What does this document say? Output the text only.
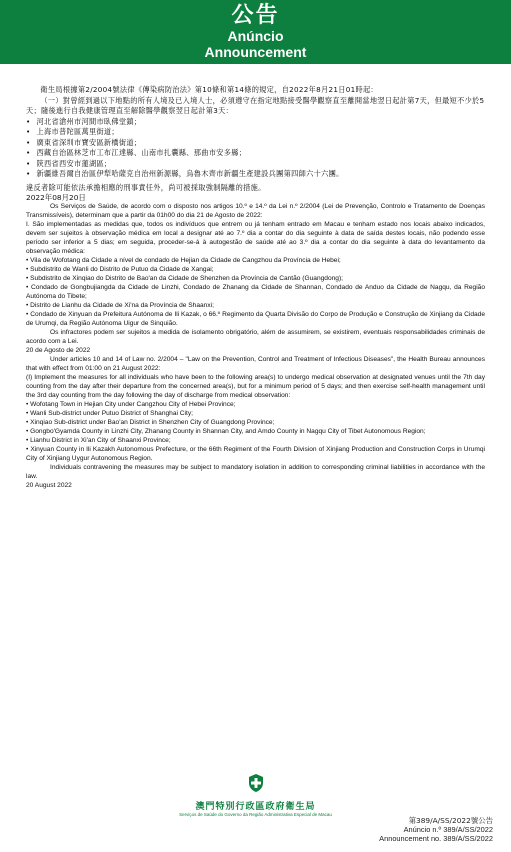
公告
Anúncio
Announcement

衛生局根據第2/2004號法律《傳染病防治法》第10條和第14條的規定，自2022年8月21日01時起：

（一）對曾經到過以下地點的所有人境及已入境人士，必須遵守在指定地點接受醫學觀察直至離開當地翌日起計第7天，但最短不少於5天；隨後進行自我健康管理直至解除醫學觀察翌日起計第3天：

• 河北省滄州市河間市臥佛堂鎮；

• 上海市普陀區萬里街道；

• 廣東省深圳市寶安區新橋街道；

• 西藏自治區林芝市工布江達縣、山南市扎囊縣、那曲市安多縣；

• 陝西省西安市蓮湖區；

• 新疆維吾爾自治區伊犁哈薩克自治州新源縣，烏魯木齊市新疆生產建設兵團第四師六十六團。

違反者除可能依法承擔相應的刑事責任外，尚可被採取強制隔離的措施。

2022年08月20日

Os Serviços de Saúde, de acordo com o disposto nos artigos 10.º e 14.º da Lei n.º 2/2004 (Lei de Prevenção, Controlo e Tratamento de Doenças Transmissíveis), determinam que a partir da 01h00 do dia 21 de Agosto de 2022:

I. São implementadas as medidas que, todos os indivíduos que entrem ou já tenham entrado em Macau e tenham estado nos locais abaixo indicados, devem ser sujeitos à observação médica em local a designar até ao 7.º dia a contar do dia seguinte à data de saída destes locais, não podendo esse período ser inferior a 5 dias; em seguida, proceder-se-á à autogestão de saúde até ao 3.º dia a contar do dia seguinte à data do levantamento da observação médica:

• Vila de Wofotang da Cidade a nível de condado de Hejian da Cidade de Cangzhou da Província de Hebei;

• Subdistrito de Wanli do Distrito de Putuo da Cidade de Xangai;

• Subdistrito de Xinqiao do Distrito de Bao'an da Cidade de Shenzhen da Província de Cantão (Guangdong);

• Condado de Gongbujiangda da Cidade de Linzhi, Condado de Zhanang da Cidade de Shannan, Condado de Anduo da Cidade de Nagqu, da Região Autónoma do Tibete;

• Distrito de Lianhu da Cidade de Xi'na da Província de Shaanxi;

• Condado de Xinyuan da Prefeitura Autónoma de Ili Kazak, o 66.º Regimento da Quarta Divisão do Corpo de Produção e Construção de Xinjiang da Cidade de Urumqi, da Região Autónoma Uigur de Sinquião.

Os infractores podem ser sujeitos a medida de isolamento obrigatório, além de assumirem, se existirem, eventuais responsabilidades criminais de acordo com a Lei.

20 de Agosto de 2022

Under articles 10 and 14 of Law no. 2/2004 – "Law on the Prevention, Control and Treatment of Infectious Diseases", the Health Bureau announces that with effect from 01:00 on 21 August 2022:

(I) Implement the measures for all individuals who have been to the following area(s) to undergo medical observation at designated venues until the 7th day counting from the day after their departure from the concerned area(s), but for a minimum period of 5 days; and then exercise self-health management until the 3rd day counting from the day following the day of discharge from medical observation:

• Wofotang Town in Hejian City under Cangzhou City of Hebei Province;

• Wanli Sub-district under Putuo District of Shanghai City;

• Xinqiao Sub-district under Bao'an District in Shenzhen City of Guangdong Province;

• Gongbo'Gyamda County in Linzhi City, Zhanang County in Shannan City, and Amdo County in Nagqu City of Tibet Autonomous Region;

• Lianhu District in Xi'an City of Shaanxi Province;

• Xinyuan County in Ili Kazakh Autonomous Prefecture, or the 66th Regiment of the Fourth Division of Xinjiang Production and Construction Corps in Urumqi City of Xinjiang Uygur Autonomous Region.

Individuals contravening the measures may be subject to mandatory isolation in addition to corresponding criminal liabilities in accordance with the law.

20 August 2022

澳門特別行政區政府衛生局
Serviços de Saúde do Governo da Região Administrativa Especial de Macau
第389/A/SS/2022號公告
Anúncio n.º 389/A/SS/2022
Announcement no. 389/A/SS/2022
